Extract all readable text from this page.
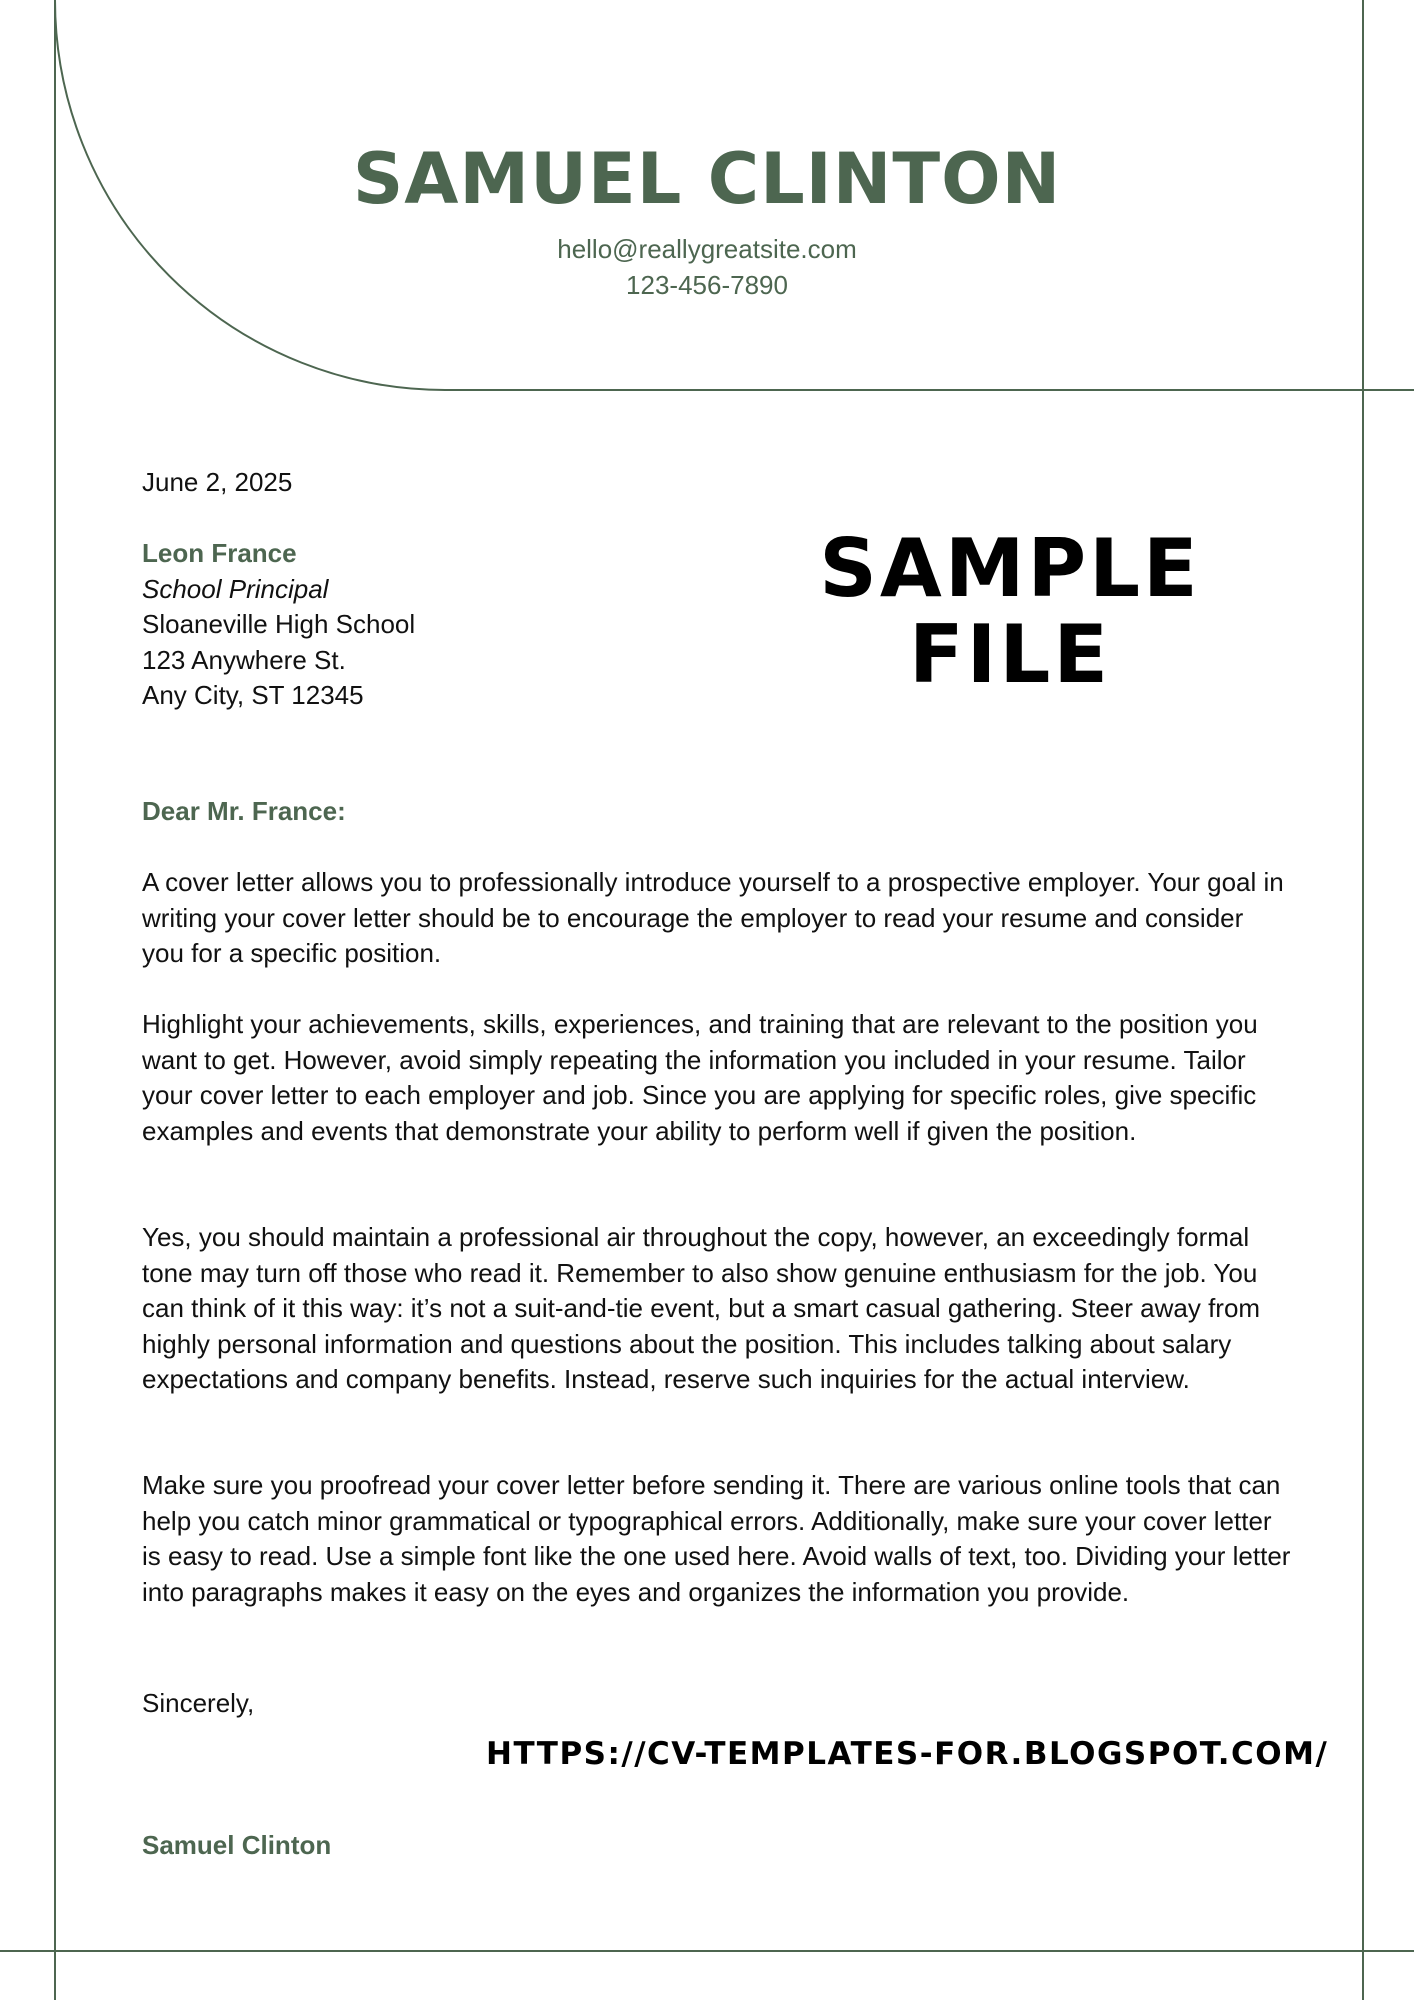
SAMUEL CLINTON
hello@reallygreatsite.com
123-456-7890
June 2, 2025
Leon France
School Principal
Sloaneville High School
123 Anywhere St.
Any City, ST 12345
SAMPLE
FILE
Dear Mr. France:

A cover letter allows you to professionally introduce yourself to a prospective employer. Your goal in writing your cover letter should be to encourage the employer to read your resume and consider you for a specific position.

Highlight your achievements, skills, experiences, and training that are relevant to the position you want to get. However, avoid simply repeating the information you included in your resume. Tailor your cover letter to each employer and job. Since you are applying for specific roles, give specific examples and events that demonstrate your ability to perform well if given the position.

Yes, you should maintain a professional air throughout the copy, however, an exceedingly formal tone may turn off those who read it. Remember to also show genuine enthusiasm for the job. You can think of it this way: it’s not a suit-and-tie event, but a smart casual gathering. Steer away from highly personal information and questions about the position. This includes talking about salary expectations and company benefits. Instead, reserve such inquiries for the actual interview.

Make sure you proofread your cover letter before sending it. There are various online tools that can help you catch minor grammatical or typographical errors. Additionally, make sure your cover letter is easy to read. Use a simple font like the one used here. Avoid walls of text, too. Dividing your letter into paragraphs makes it easy on the eyes and organizes the information you provide.

Sincerely,
HTTPS://CV-TEMPLATES-FOR.BLOGSPOT.COM/
Samuel Clinton
